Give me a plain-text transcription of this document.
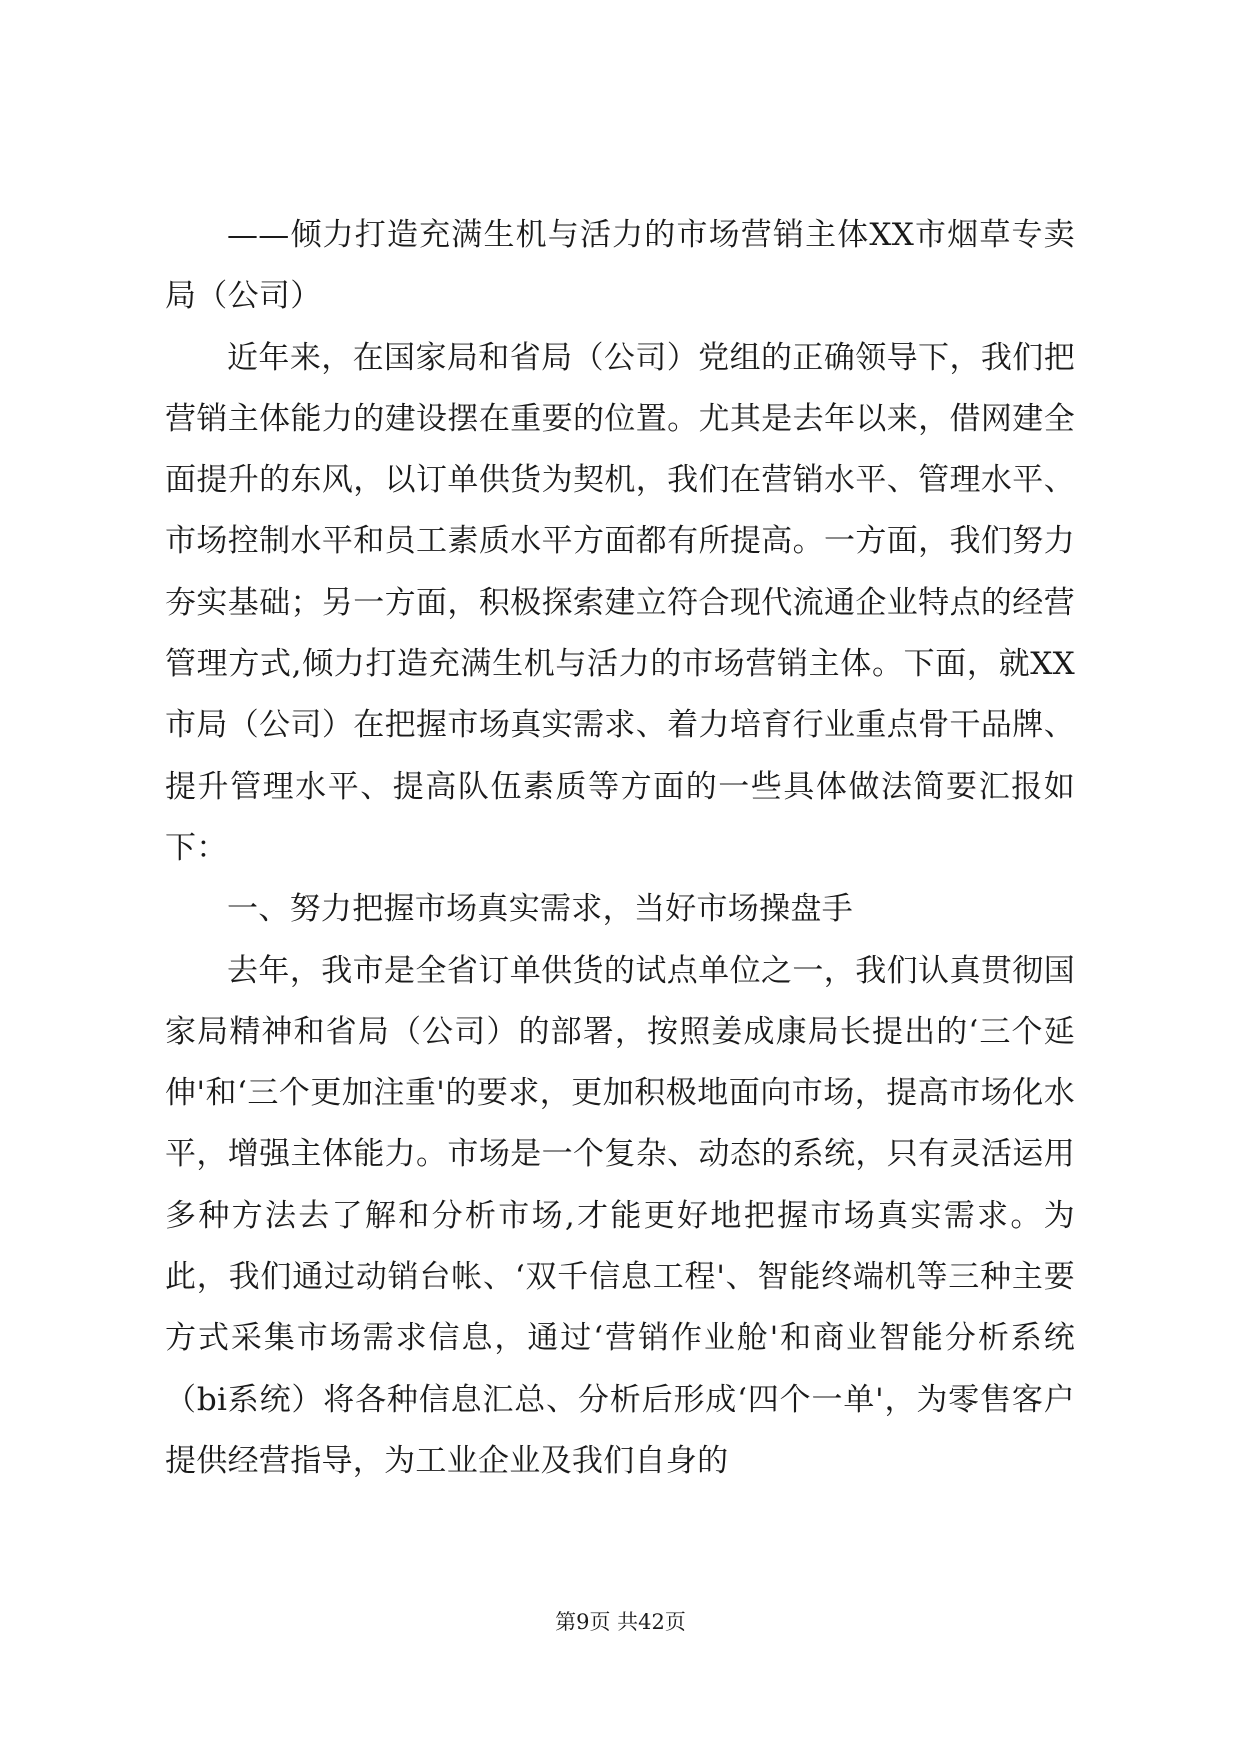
——倾力打造充满生机与活力的市场营销主体XX市烟草专卖局（公司）

近年来，在国家局和省局（公司）党组的正确领导下，我们把营销主体能力的建设摆在重要的位置。尤其是去年以来，借网建全面提升的东风，以订单供货为契机，我们在营销水平、管理水平、市场控制水平和员工素质水平方面都有所提高。一方面，我们努力夯实基础；另一方面，积极探索建立符合现代流通企业特点的经营管理方式,倾力打造充满生机与活力的市场营销主体。下面，就XX市局（公司）在把握市场真实需求、着力培育行业重点骨干品牌、提升管理水平、提高队伍素质等方面的一些具体做法简要汇报如下：

一、努力把握市场真实需求，当好市场操盘手

去年，我市是全省订单供货的试点单位之一，我们认真贯彻国家局精神和省局（公司）的部署，按照姜成康局长提出的‘三个延伸'和‘三个更加注重'的要求，更加积极地面向市场，提高市场化水平，增强主体能力。市场是一个复杂、动态的系统，只有灵活运用多种方法去了解和分析市场,才能更好地把握市场真实需求。为此，我们通过动销台帐、‘双千信息工程'、智能终端机等三种主要方式采集市场需求信息，通过‘营销作业舱'和商业智能分析系统（bi系统）将各种信息汇总、分析后形成‘四个一单'，为零售客户提供经营指导，为工业企业及我们自身的

第9页 共42页
